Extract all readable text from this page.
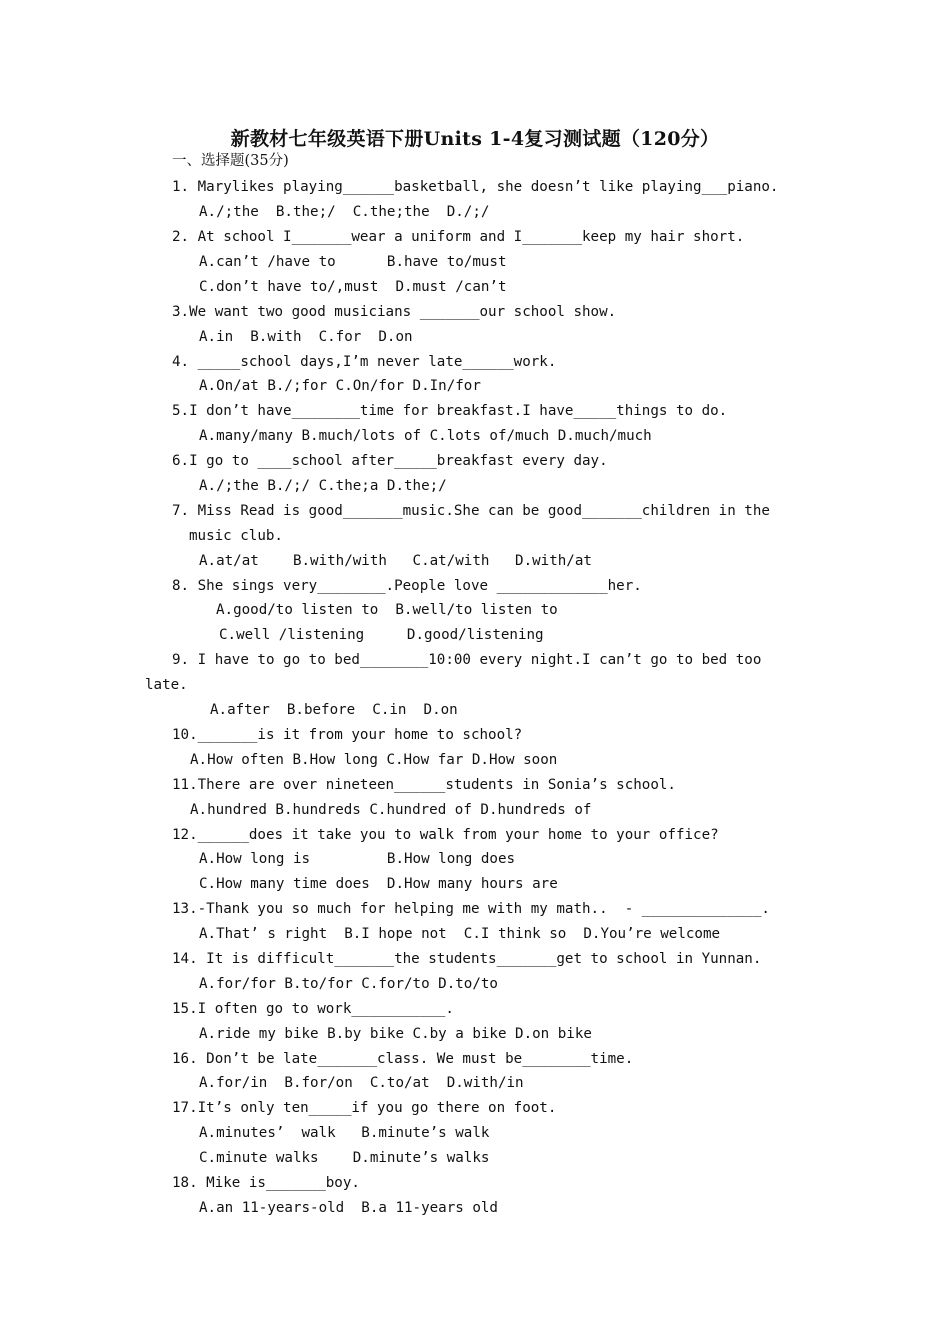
新教材七年级英语下册Units 1-4复习测试题（120分）
一、选择题(35分)
1. Marylikes playing______basketball, she doesn’t like playing___piano.
A./;the  B.the;/  C.the;the  D./;/
2. At school I_______wear a uniform and I_______keep my hair short.
A.can’t /have to      B.have to/must
C.don’t have to/,must  D.must /can’t
3.We want two good musicians _______our school show.
A.in  B.with  C.for  D.on
4. _____school days,I’m never late______work.
A.On/at B./;for C.On/for D.In/for
5.I don’t have________time for breakfast.I have_____things to do.
A.many/many B.much/lots of C.lots of/much D.much/much
6.I go to ____school after_____breakfast every day.
A./;the B./;/ C.the;a D.the;/
7. Miss Read is good_______music.She can be good_______children in the
music club.
A.at/at    B.with/with   C.at/with   D.with/at
8. She sings very________.People love _____________her.
A.good/to listen to  B.well/to listen to
C.well /listening     D.good/listening
9. I have to go to bed________10:00 every night.I can’t go to bed too
late.
A.after  B.before  C.in  D.on
10._______is it from your home to school?
A.How often B.How long C.How far D.How soon
11.There are over nineteen______students in Sonia’s school.
A.hundred B.hundreds C.hundred of D.hundreds of
12.______does it take you to walk from your home to your office?
A.How long is         B.How long does
C.How many time does  D.How many hours are
13.-Thank you so much for helping me with my math..  - ______________.
A.That’ s right  B.I hope not  C.I think so  D.You’re welcome
14. It is difficult_______the students_______get to school in Yunnan.
A.for/for B.to/for C.for/to D.to/to
15.I often go to work___________.
A.ride my bike B.by bike C.by a bike D.on bike
16. Don’t be late_______class. We must be________time.
A.for/in  B.for/on  C.to/at  D.with/in
17.It’s only ten_____if you go there on foot.
A.minutes’  walk   B.minute’s walk
C.minute walks    D.minute’s walks
18. Mike is_______boy.
A.an 11-years-old  B.a 11-years old
